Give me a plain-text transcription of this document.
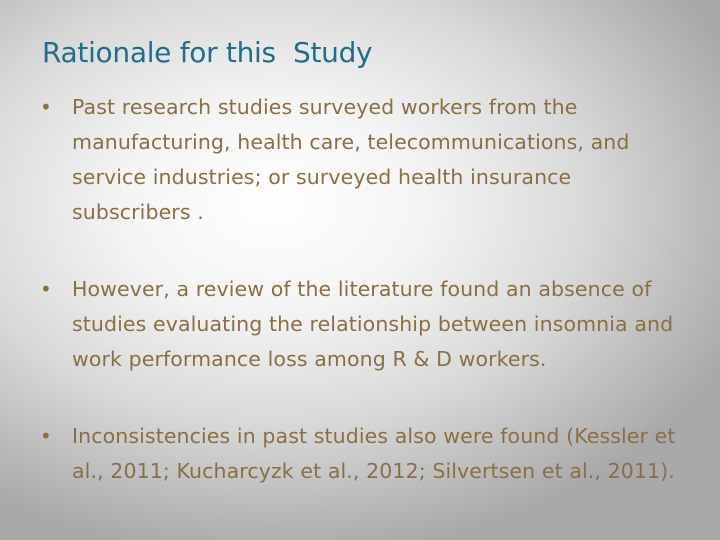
Rationale for this  Study
• Past research studies surveyed workers from the manufacturing, health care, telecommunications, and service industries; or surveyed health insurance subscribers .
• However, a review of the literature found an absence of studies evaluating the relationship between insomnia and work performance loss among R & D workers.
• Inconsistencies in past studies also were found (Kessler et al., 2011; Kucharcyzk et al., 2012; Silvertsen et al., 2011).
